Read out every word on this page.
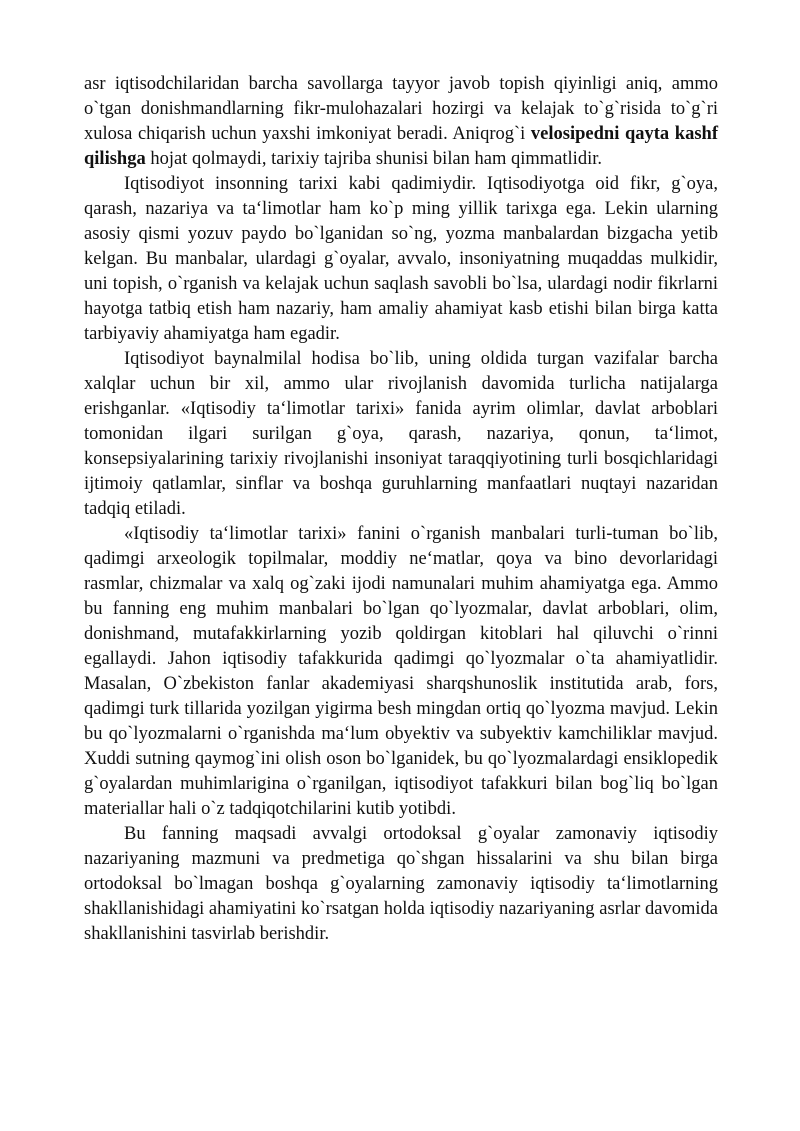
asr iqtisodchilaridan barcha savollarga tayyor javob topish qiyinligi aniq, ammo o`tgan donishmandlarning fikr-mulohazalari hozirgi va kelajak to`g`risida to`g`ri xulosa chiqarish uchun yaxshi imkoniyat beradi. Aniqrog`i velosipedni qayta kashf qilishga hojat qolmaydi, tarixiy tajriba shunisi bilan ham qimmatlidir.

Iqtisodiyot insonning tarixi kabi qadimiydir. Iqtisodiyotga oid fikr, g`oya, qarash, nazariya va ta‘limotlar ham ko`p ming yillik tarixga ega. Lekin ularning asosiy qismi yozuv paydo bo`lganidan so`ng, yozma manbalardan bizgacha yetib kelgan. Bu manbalar, ulardagi g`oyalar, avvalo, insoniyatning muqaddas mulkidir, uni topish, o`rganish va kelajak uchun saqlash savobli bo`lsa, ulardagi nodir fikrlarni hayotga tatbiq etish ham nazariy, ham amaliy ahamiyat kasb etishi bilan birga katta tarbiyaviy ahamiyatga ham egadir.

Iqtisodiyot baynalmilal hodisa bo`lib, uning oldida turgan vazifalar barcha xalqlar uchun bir xil, ammo ular rivojlanish davomida turlicha natijalarga erishganlar. «Iqtisodiy ta‘limotlar tarixi» fanida ayrim olimlar, davlat arboblari tomonidan ilgari surilgan g`oya, qarash, nazariya, qonun, ta‘limot, konsepsiyalarining tarixiy rivojlanishi insoniyat taraqqiyotining turli bosqichlaridagi ijtimoiy qatlamlar, sinflar va boshqa guruhlarning manfaatlari nuqtayi nazaridan tadqiq etiladi.

«Iqtisodiy ta‘limotlar tarixi» fanini o`rganish manbalari turli-tuman bo`lib, qadimgi arxeologik topilmalar, moddiy ne‘matlar, qoya va bino devorlaridagi rasmlar, chizmalar va xalq og`zaki ijodi namunalari muhim ahamiyatga ega. Ammo bu fanning eng muhim manbalari bo`lgan qo`lyozmalar, davlat arboblari, olim, donishmand, mutafakkirlarning yozib qoldirgan kitoblari hal qiluvchi o`rinni egallaydi. Jahon iqtisodiy tafakkurida qadimgi qo`lyozmalar o`ta ahamiyatlidir. Masalan, O`zbekiston fanlar akademiyasi sharqshunoslik institutida arab, fors, qadimgi turk tillarida yozilgan yigirma besh mingdan ortiq qo`lyozma mavjud. Lekin bu qo`lyozmalarni o`rganishda ma‘lum obyektiv va subyektiv kamchiliklar mavjud. Xuddi sutning qaymog`ini olish oson bo`lganidek, bu qo`lyozmalardagi ensiklopedik g`oyalardan muhimlarigina o`rganilgan, iqtisodiyot tafakkuri bilan bog`liq bo`lgan materiallar hali o`z tadqiqotchilarini kutib yotibdi.

Bu fanning maqsadi avvalgi ortodoksal g`oyalar zamonaviy iqtisodiy nazariyaning mazmuni va predmetiga qo`shgan hissalarini va shu bilan birga ortodoksal bo`lmagan boshqa g`oyalarning zamonaviy iqtisodiy ta‘limotlarning shakllanishidagi ahamiyatini ko`rsatgan holda iqtisodiy nazariyaning asrlar davomida shakllanishini tasvirlab berishdir.
